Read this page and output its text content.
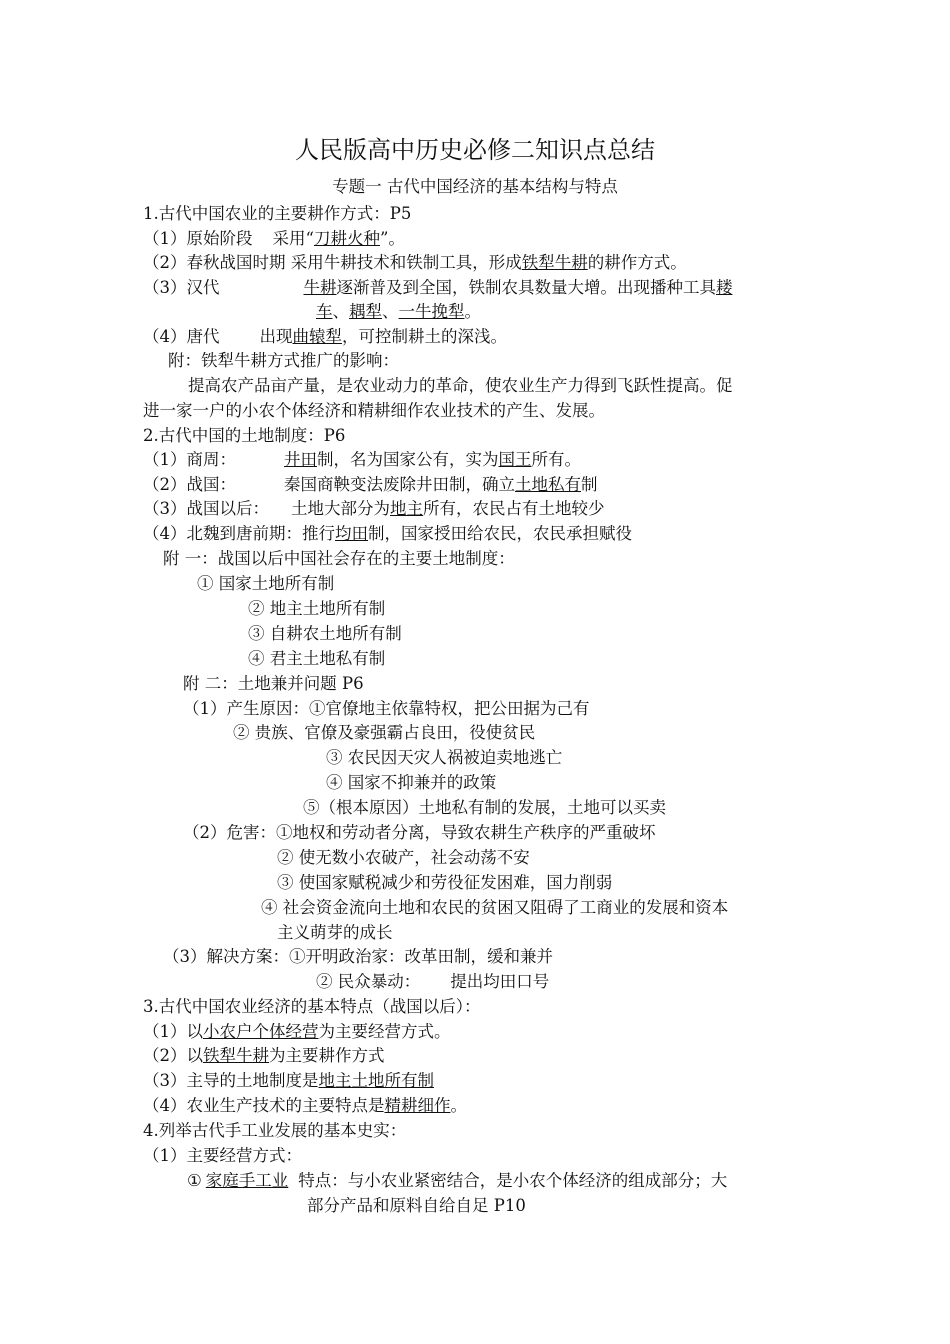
人民版高中历史必修二知识点总结
专题一 古代中国经济的基本结构与特点
1.古代中国农业的主要耕作方式：P5
（1）原始阶段 采用“刀耕火种”。
（2）春秋战国时期 采用牛耕技术和铁制工具，形成铁犁牛耕的耕作方式。
（3）汉代	牛耕逐渐普及到全国，铁制农具数量大增。出现播种工具耧
车、耦犁、一牛挽犁。
（4）唐代 出现曲辕犁，可控制耕土的深浅。
附：铁犁牛耕方式推广的影响：
提高农产品亩产量，是农业动力的革命，使农业生产力得到飞跃性提高。促
进一家一户的小农个体经济和精耕细作农业技术的产生、发展。
2.古代中国的土地制度：P6
（1）商周：	井田制，名为国家公有，实为国王所有。
（2）战国：	秦国商鞅变法废除井田制，确立土地私有制
（3）战国以后： 土地大部分为地主所有，农民占有土地较少
（4）北魏到唐前期：推行均田制，国家授田给农民，农民承担赋役
附 一：战国以后中国社会存在的主要土地制度：
① 国家土地所有制
② 地主土地所有制
③ 自耕农土地所有制
④ 君主土地私有制
附 二：土地兼并问题 P6
（1）产生原因：①官僚地主依靠特权，把公田据为己有
② 贵族、官僚及豪强霸占良田，役使贫民
③ 农民因天灾人祸被迫卖地逃亡
④ 国家不抑兼并的政策
⑤（根本原因）土地私有制的发展，土地可以买卖
（2）危害：①地权和劳动者分离，导致农耕生产秩序的严重破坏
② 使无数小农破产，社会动荡不安
③ 使国家赋税减少和劳役征发困难，国力削弱
④ 社会资金流向土地和农民的贫困又阻碍了工商业的发展和资本
主义萌芽的成长
（3）解决方案：①开明政治家：改革田制，缓和兼并
② 民众暴动： 提出均田口号
3.古代中国农业经济的基本特点（战国以后）：
（1）以小农户个体经营为主要经营方式。
（2）以铁犁牛耕为主要耕作方式
（3）主导的土地制度是地主土地所有制
（4）农业生产技术的主要特点是精耕细作。
4.列举古代手工业发展的基本史实：
（1）主要经营方式：
① 家庭手工业 特点：与小农业紧密结合，是小农个体经济的组成部分；大
部分产品和原料自给自足 P10
